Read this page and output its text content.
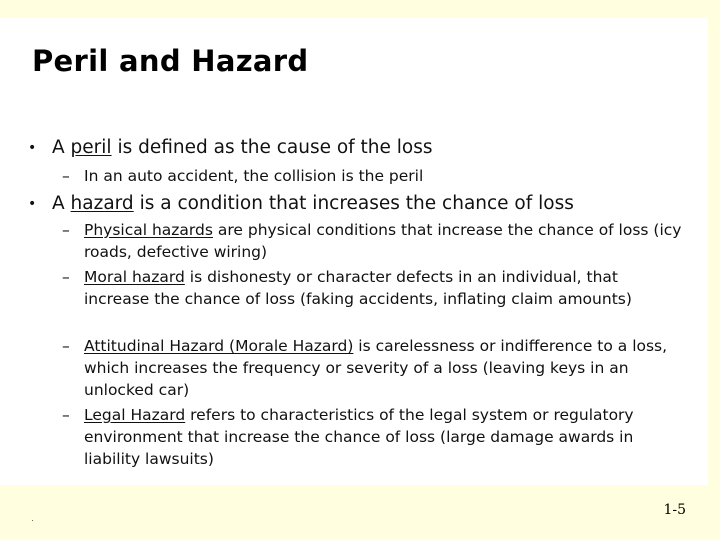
Peril and Hazard
• A peril is defined as the cause of the loss
– In an auto accident, the collision is the peril
• A hazard is a condition that increases the chance of loss
– Physical hazards are physical conditions that increase the chance of loss (icy roads, defective wiring)
– Moral hazard is dishonesty or character defects in an individual, that increase the chance of loss (faking accidents, inflating claim amounts)
– Attitudinal Hazard (Morale Hazard) is carelessness or indifference to a loss, which increases the frequency or severity of a loss (leaving keys in an unlocked car)
– Legal Hazard refers to characteristics of the legal system or regulatory environment that increase the chance of loss (large damage awards in liability lawsuits)
1-5
